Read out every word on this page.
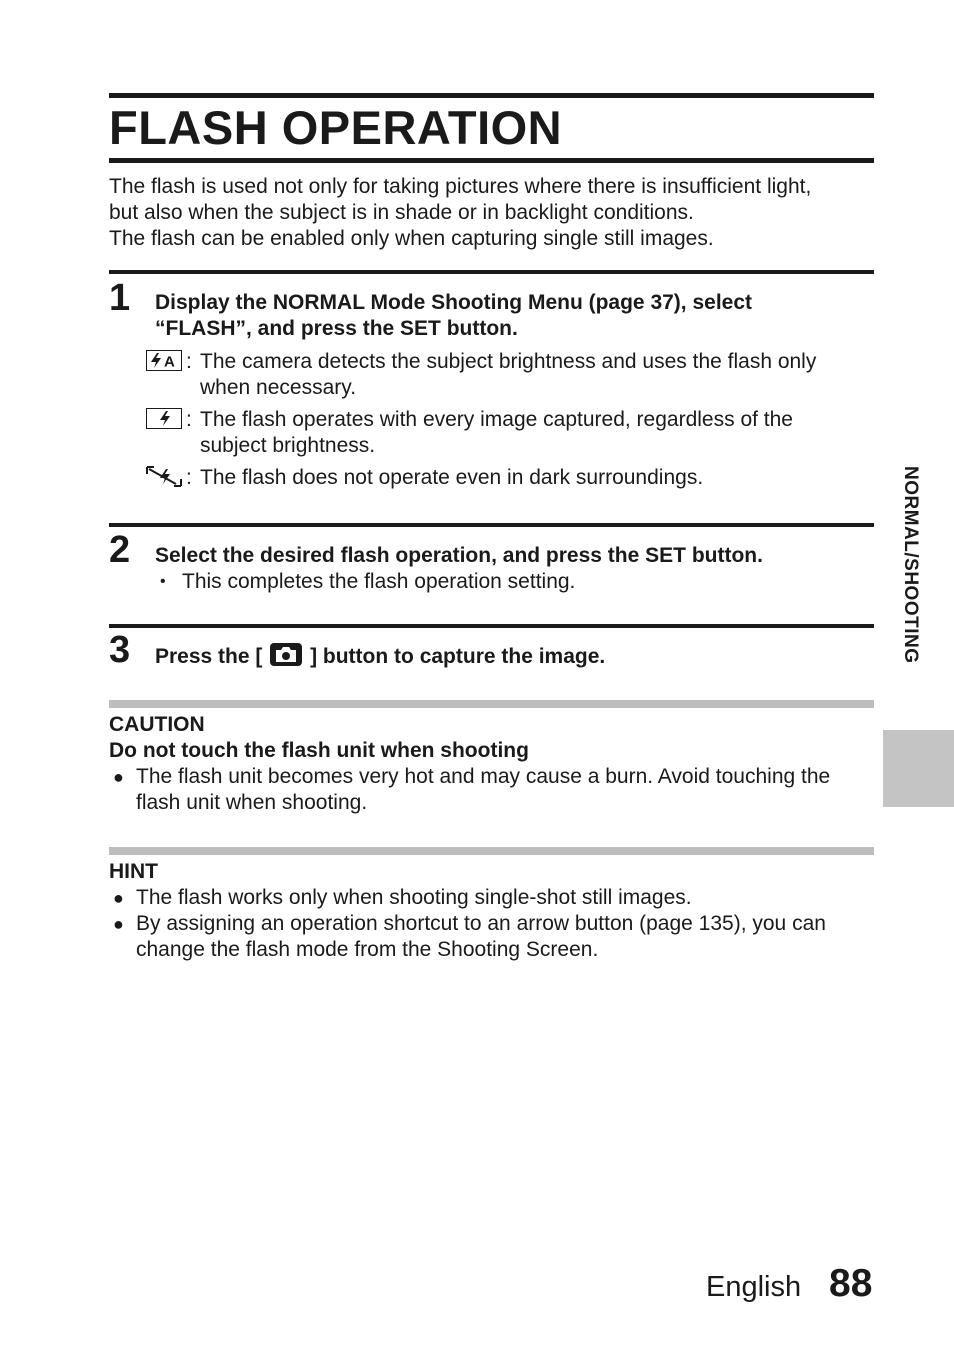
FLASH OPERATION
The flash is used not only for taking pictures where there is insufficient light,
but also when the subject is in shade or in backlight conditions.
The flash can be enabled only when capturing single still images.
1 Display the NORMAL Mode Shooting Menu (page 37), select
“FLASH”, and press the SET button.
A : The camera detects the subject brightness and uses the flash only
when necessary.
: The flash operates with every image captured, regardless of the
subject brightness.
: The flash does not operate even in dark surroundings.
2 Select the desired flash operation, and press the SET button.
• This completes the flash operation setting.
3 Press the [ ] button to capture the image.
CAUTION
Do not touch the flash unit when shooting
● The flash unit becomes very hot and may cause a burn. Avoid touching the
flash unit when shooting.
HINT
● The flash works only when shooting single-shot still images.
● By assigning an operation shortcut to an arrow button (page 135), you can
change the flash mode from the Shooting Screen.
NORMAL/SHOOTING
English 88
